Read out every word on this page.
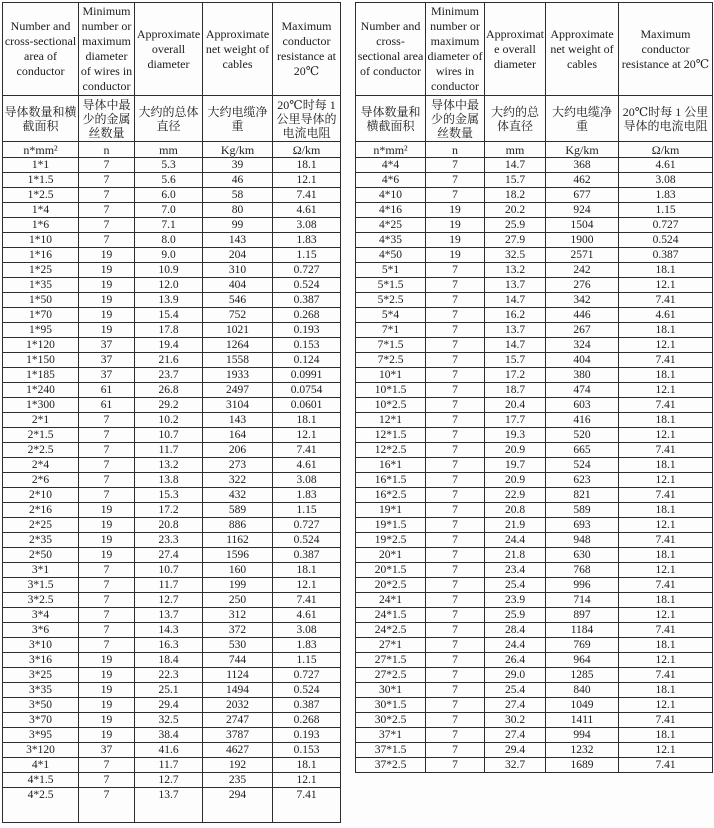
Number and cross-sectional area of conductor	Minimum number or maximum diameter of wires in conductor	Approximate overall diameter	Approximate net weight of cables	Maximum conductor resistance at 20℃
导体数量和横截面积	导体中最少的金属丝数量	大约的总体直径	大约电缆净重	20℃时每 1 公里导体的电流电阻
n*mm²	n	mm	Kg/km	Ω/km
1*1	7	5.3	39	18.1
1*1.5	7	5.6	46	12.1
1*2.5	7	6.0	58	7.41
1*4	7	7.0	80	4.61
1*6	7	7.1	99	3.08
1*10	7	8.0	143	1.83
1*16	19	9.0	204	1.15
1*25	19	10.9	310	0.727
1*35	19	12.0	404	0.524
1*50	19	13.9	546	0.387
1*70	19	15.4	752	0.268
1*95	19	17.8	1021	0.193
1*120	37	19.4	1264	0.153
1*150	37	21.6	1558	0.124
1*185	37	23.7	1933	0.0991
1*240	61	26.8	2497	0.0754
1*300	61	29.2	3104	0.0601
2*1	7	10.2	143	18.1
2*1.5	7	10.7	164	12.1
2*2.5	7	11.7	206	7.41
2*4	7	13.2	273	4.61
2*6	7	13.8	322	3.08
2*10	7	15.3	432	1.83
2*16	19	17.2	589	1.15
2*25	19	20.8	886	0.727
2*35	19	23.3	1162	0.524
2*50	19	27.4	1596	0.387
3*1	7	10.7	160	18.1
3*1.5	7	11.7	199	12.1
3*2.5	7	12.7	250	7.41
3*4	7	13.7	312	4.61
3*6	7	14.3	372	3.08
3*10	7	16.3	530	1.83
3*16	19	18.4	744	1.15
3*25	19	22.3	1124	0.727
3*35	19	25.1	1494	0.524
3*50	19	29.4	2032	0.387
3*70	19	32.5	2747	0.268
3*95	19	38.4	3787	0.193
3*120	37	41.6	4627	0.153
4*1	7	11.7	192	18.1
4*1.5	7	12.7	235	12.1
4*2.5	7	13.7	294	7.41
Number and cross-sectional area of conductor	Minimum number or maximum diameter of wires in conductor	Approximate overall diameter	Approximate net weight of cables	Maximum conductor resistance at 20℃
导体数量和横截面积	导体中最少的金属丝数量	大约的总体直径	大约电缆净重	20℃时每 1 公里导体的电流电阻
n*mm²	n	mm	Kg/km	Ω/km
4*4	7	14.7	368	4.61
4*6	7	15.7	462	3.08
4*10	7	18.2	677	1.83
4*16	19	20.2	924	1.15
4*25	19	25.9	1504	0.727
4*35	19	27.9	1900	0.524
4*50	19	32.5	2571	0.387
5*1	7	13.2	242	18.1
5*1.5	7	13.7	276	12.1
5*2.5	7	14.7	342	7.41
5*4	7	16.2	446	4.61
7*1	7	13.7	267	18.1
7*1.5	7	14.7	324	12.1
7*2.5	7	15.7	404	7.41
10*1	7	17.2	380	18.1
10*1.5	7	18.7	474	12.1
10*2.5	7	20.4	603	7.41
12*1	7	17.7	416	18.1
12*1.5	7	19.3	520	12.1
12*2.5	7	20.9	665	7.41
16*1	7	19.7	524	18.1
16*1.5	7	20.9	623	12.1
16*2.5	7	22.9	821	7.41
19*1	7	20.8	589	18.1
19*1.5	7	21.9	693	12.1
19*2.5	7	24.4	948	7.41
20*1	7	21.8	630	18.1
20*1.5	7	23.4	768	12.1
20*2.5	7	25.4	996	7.41
24*1	7	23.9	714	18.1
24*1.5	7	25.9	897	12.1
24*2.5	7	28.4	1184	7.41
27*1	7	24.4	769	18.1
27*1.5	7	26.4	964	12.1
27*2.5	7	29.0	1285	7.41
30*1	7	25.4	840	18.1
30*1.5	7	27.4	1049	12.1
30*2.5	7	30.2	1411	7.41
37*1	7	27.4	994	18.1
37*1.5	7	29.4	1232	12.1
37*2.5	7	32.7	1689	7.41
